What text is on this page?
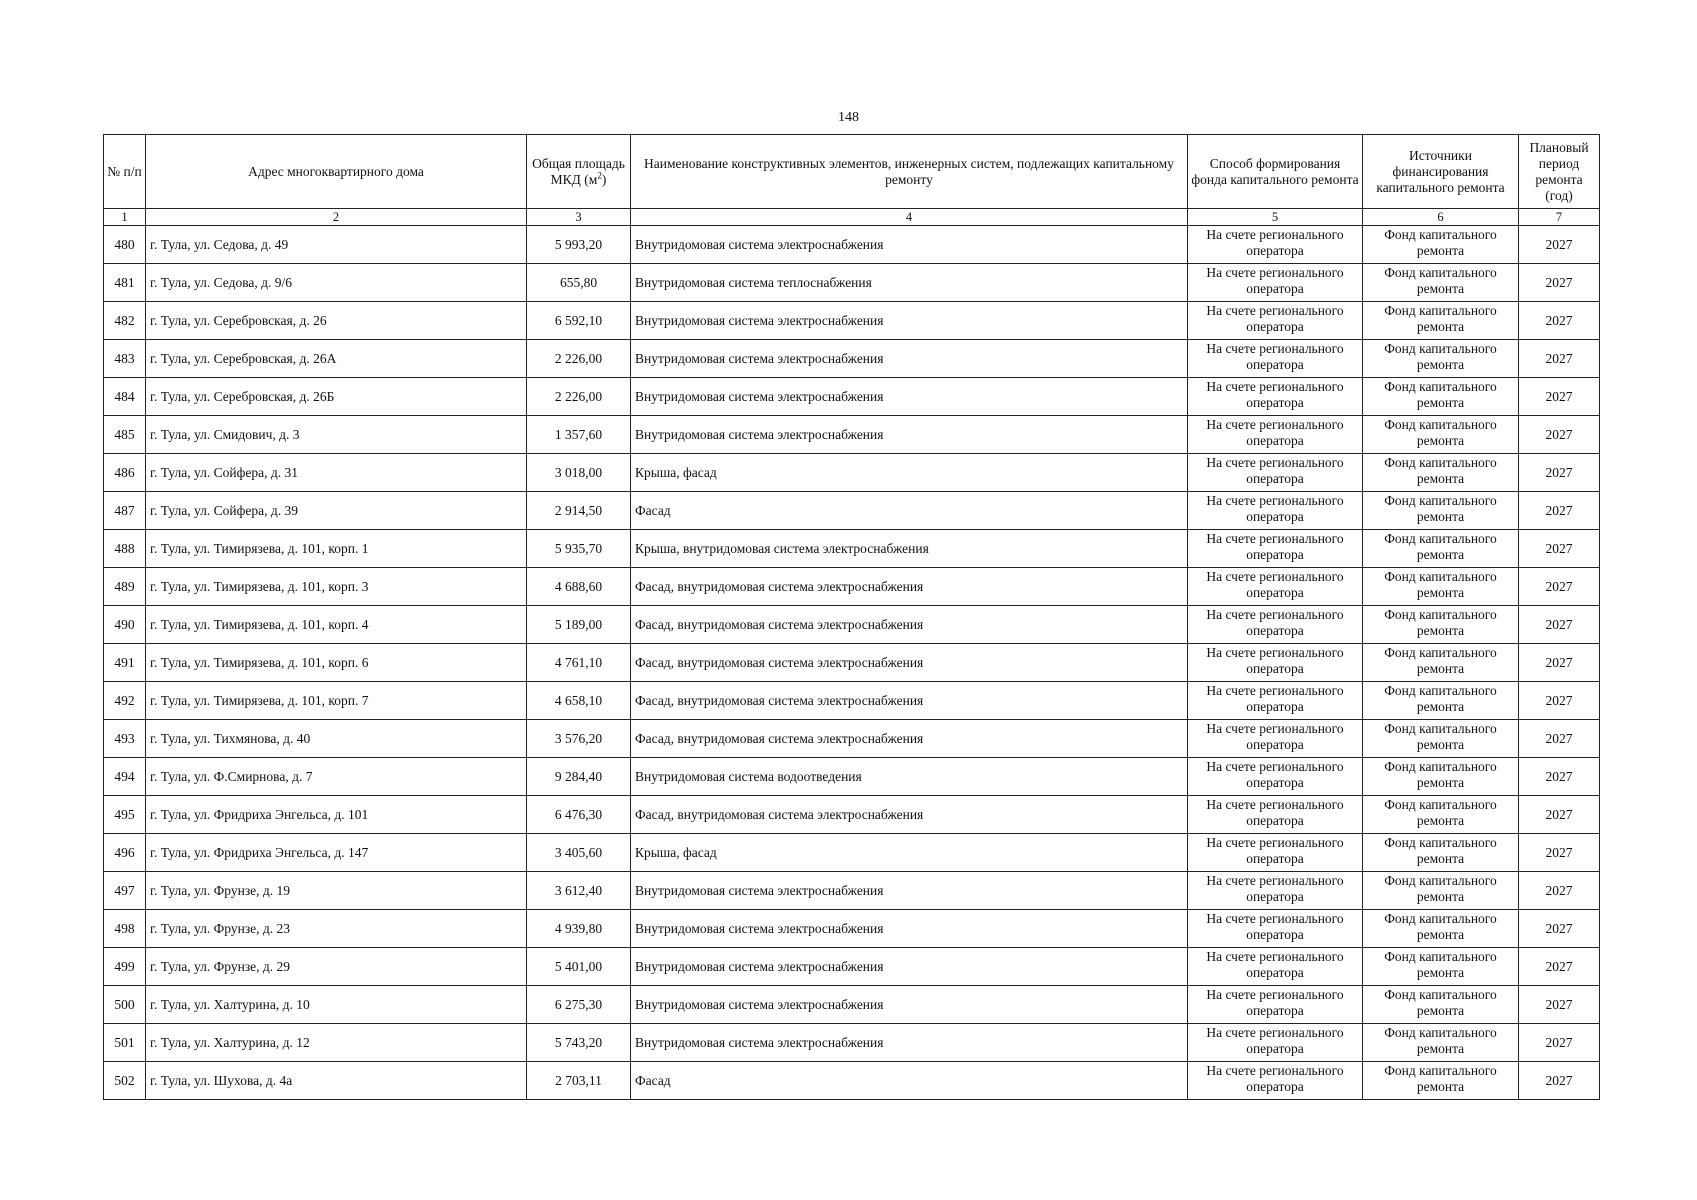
148
№ п/п	Адрес многоквартирного дома	Общая площадь МКД $(м^2)$	Наименование конструктивных элементов, инженерных систем, подлежащих капитальному ремонту	Способ формирования фонда капитального ремонта	Источники финансирования капитального ремонта	Плановый период ремонта (год)
1	2	3	4	5	6	7
480	г. Тула, ул. Седова, д. 49	5 993,20	Внутридомовая система электроснабжения	На счете регионального оператора	Фонд капитального ремонта	2027
481	г. Тула, ул. Седова, д. 9/6	655,80	Внутридомовая система теплоснабжения	На счете регионального оператора	Фонд капитального ремонта	2027
482	г. Тула, ул. Серебровская, д. 26	6 592,10	Внутридомовая система электроснабжения	На счете регионального оператора	Фонд капитального ремонта	2027
483	г. Тула, ул. Серебровская, д. 26А	2 226,00	Внутридомовая система электроснабжения	На счете регионального оператора	Фонд капитального ремонта	2027
484	г. Тула, ул. Серебровская, д. 26Б	2 226,00	Внутридомовая система электроснабжения	На счете регионального оператора	Фонд капитального ремонта	2027
485	г. Тула, ул. Смидович, д. 3	1 357,60	Внутридомовая система электроснабжения	На счете регионального оператора	Фонд капитального ремонта	2027
486	г. Тула, ул. Сойфера, д. 31	3 018,00	Крыша, фасад	На счете регионального оператора	Фонд капитального ремонта	2027
487	г. Тула, ул. Сойфера, д. 39	2 914,50	Фасад	На счете регионального оператора	Фонд капитального ремонта	2027
488	г. Тула, ул. Тимирязева, д. 101, корп. 1	5 935,70	Крыша, внутридомовая система электроснабжения	На счете регионального оператора	Фонд капитального ремонта	2027
489	г. Тула, ул. Тимирязева, д. 101, корп. 3	4 688,60	Фасад, внутридомовая система электроснабжения	На счете регионального оператора	Фонд капитального ремонта	2027
490	г. Тула, ул. Тимирязева, д. 101, корп. 4	5 189,00	Фасад, внутридомовая система электроснабжения	На счете регионального оператора	Фонд капитального ремонта	2027
491	г. Тула, ул. Тимирязева, д. 101, корп. 6	4 761,10	Фасад, внутридомовая система электроснабжения	На счете регионального оператора	Фонд капитального ремонта	2027
492	г. Тула, ул. Тимирязева, д. 101, корп. 7	4 658,10	Фасад, внутридомовая система электроснабжения	На счете регионального оператора	Фонд капитального ремонта	2027
493	г. Тула, ул. Тихмянова, д. 40	3 576,20	Фасад, внутридомовая система электроснабжения	На счете регионального оператора	Фонд капитального ремонта	2027
494	г. Тула, ул. Ф.Смирнова, д. 7	9 284,40	Внутридомовая система водоотведения	На счете регионального оператора	Фонд капитального ремонта	2027
495	г. Тула, ул. Фридриха Энгельса, д. 101	6 476,30	Фасад, внутридомовая система электроснабжения	На счете регионального оператора	Фонд капитального ремонта	2027
496	г. Тула, ул. Фридриха Энгельса, д. 147	3 405,60	Крыша, фасад	На счете регионального оператора	Фонд капитального ремонта	2027
497	г. Тула, ул. Фрунзе, д. 19	3 612,40	Внутридомовая система электроснабжения	На счете регионального оператора	Фонд капитального ремонта	2027
498	г. Тула, ул. Фрунзе, д. 23	4 939,80	Внутридомовая система электроснабжения	На счете регионального оператора	Фонд капитального ремонта	2027
499	г. Тула, ул. Фрунзе, д. 29	5 401,00	Внутридомовая система электроснабжения	На счете регионального оператора	Фонд капитального ремонта	2027
500	г. Тула, ул. Халтурина, д. 10	6 275,30	Внутридомовая система электроснабжения	На счете регионального оператора	Фонд капитального ремонта	2027
501	г. Тула, ул. Халтурина, д. 12	5 743,20	Внутридомовая система электроснабжения	На счете регионального оператора	Фонд капитального ремонта	2027
502	г. Тула, ул. Шухова, д. 4а	2 703,11	Фасад	На счете регионального оператора	Фонд капитального ремонта	2027
